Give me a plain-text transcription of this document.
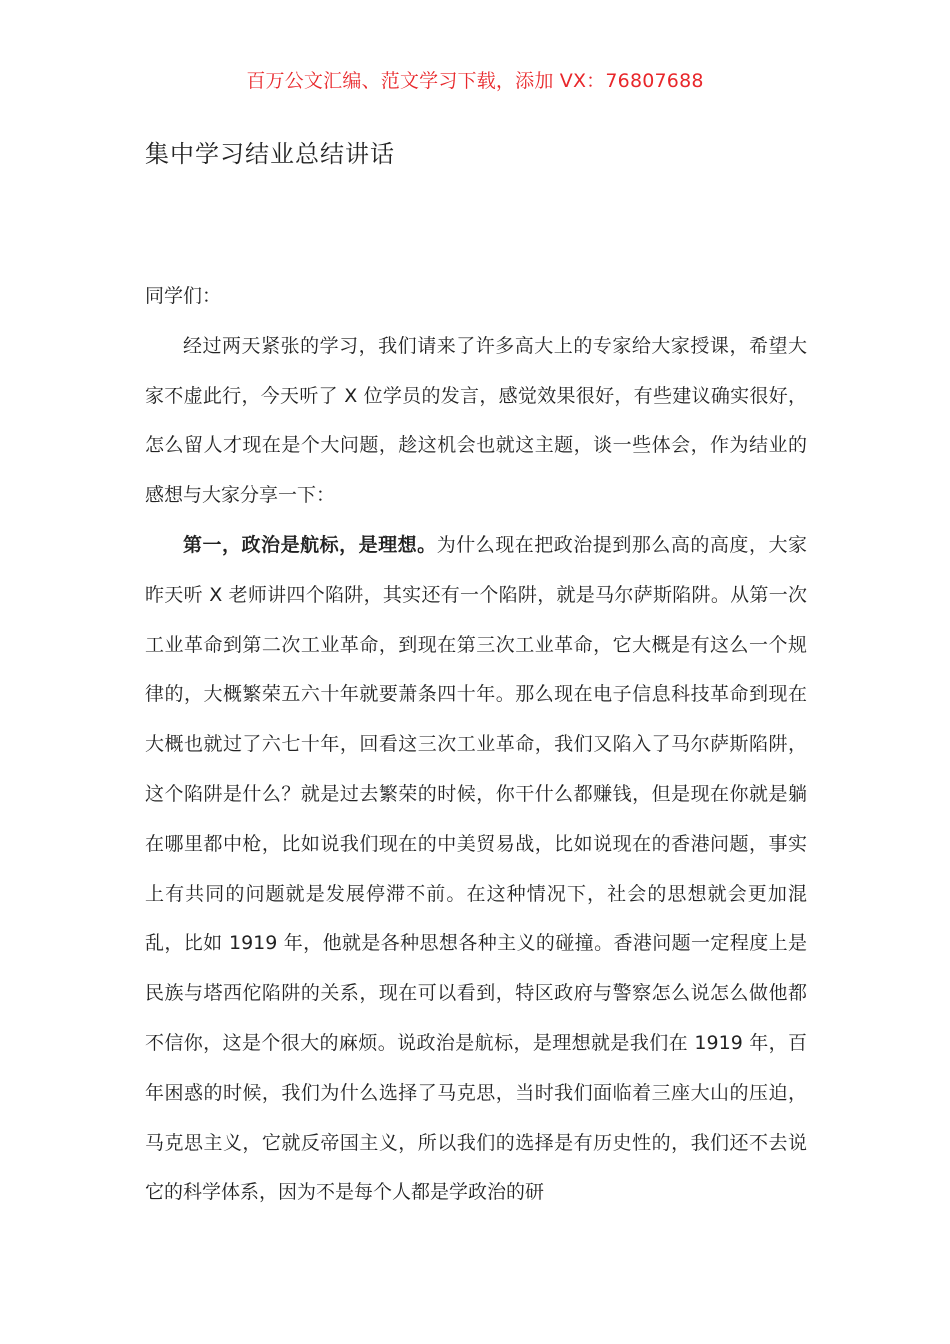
百万公文汇编、范文学习下载，添加 VX：76807688
集中学习结业总结讲话

同学们：

经过两天紧张的学习，我们请来了许多高大上的专家给大家授课，希望大家不虚此行，今天听了 X 位学员的发言，感觉效果很好，有些建议确实很好，怎么留人才现在是个大问题，趁这机会也就这主题，谈一些体会，作为结业的感想与大家分享一下：

第一，政治是航标，是理想。为什么现在把政治提到那么高的高度，大家昨天听 X 老师讲四个陷阱，其实还有一个陷阱，就是马尔萨斯陷阱。从第一次工业革命到第二次工业革命，到现在第三次工业革命，它大概是有这么一个规律的，大概繁荣五六十年就要萧条四十年。那么现在电子信息科技革命到现在大概也就过了六七十年，回看这三次工业革命，我们又陷入了马尔萨斯陷阱，这个陷阱是什么？就是过去繁荣的时候，你干什么都赚钱，但是现在你就是躺在哪里都中枪，比如说我们现在的中美贸易战，比如说现在的香港问题，事实上有共同的问题就是发展停滞不前。在这种情况下，社会的思想就会更加混乱，比如 1919 年，他就是各种思想各种主义的碰撞。香港问题一定程度上是民族与塔西佗陷阱的关系，现在可以看到，特区政府与警察怎么说怎么做他都不信你，这是个很大的麻烦。说政治是航标，是理想就是我们在 1919 年，百年困惑的时候，我们为什么选择了马克思，当时我们面临着三座大山的压迫，马克思主义，它就反帝国主义，所以我们的选择是有历史性的，我们还不去说它的科学体系，因为不是每个人都是学政治的研
